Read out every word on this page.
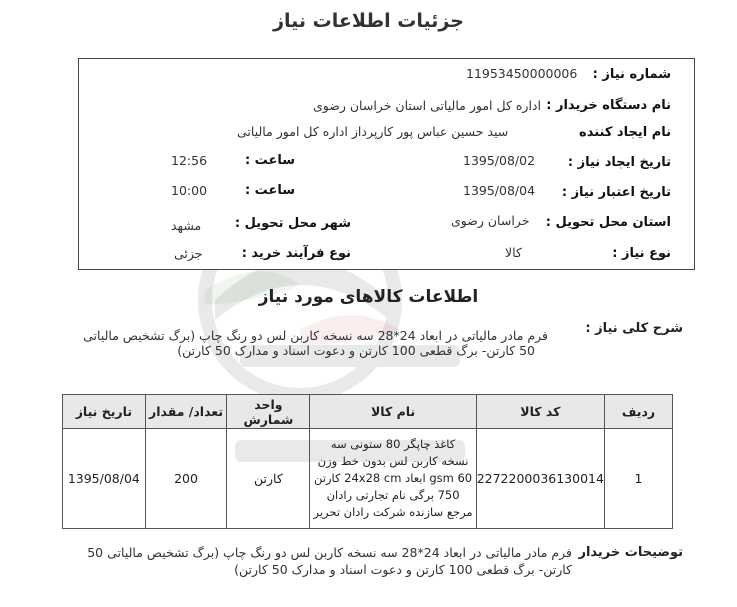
جزئیات اطلاعات نیاز
شماره نیاز :
11953450000006
نام دستگاه خریدار :
اداره کل امور مالیاتی استان خراسان رضوی
نام ایجاد کننده
سید حسین عباس پور کارپرداز اداره کل امور مالیاتی
تاریخ ایجاد نیاز :
1395/08/02
ساعت :
12:56
تاریخ اعتبار نیاز :
1395/08/04
ساعت :
10:00
استان محل تحویل :
خراسان رضوی
شهر محل تحویل :
مشهد
نوع نیاز :
کالا
نوع فرآیند خرید :
جزئی
اطلاعات کالاهای مورد نیاز
شرح کلی نیاز :
فرم مادر مالیاتی در ابعاد 24*28 سه نسخه کاربن لس دو رنگ چاپ (برگ تشخیص مالیاتی
50 کارتن- برگ قطعی 100 کارتن و دعوت اسناد و مدارک 50 کارتن)
تاریخ نیاز	تعداد/ مقدار	واحد شمارش	نام کالا	کد کالا	ردیف
1395/08/04	200	کارتن	کاغذ چاپگر 80 ستونی سه
نسخه کاربن لس بدون خط وزن
60 gsm ابعاد 24x28 cm کارتن
750 برگی نام تجارتی رادان
مرجع سازنده شرکت رادان تحریر	2272200036130014	1
توضیحات خریدار
فرم مادر مالیاتی در ابعاد 24*28 سه نسخه کاربن لس دو رنگ چاپ (برگ تشخیص مالیاتی 50
کارتن- برگ قطعی 100 کارتن و دعوت اسناد و مدارک 50 کارتن)
